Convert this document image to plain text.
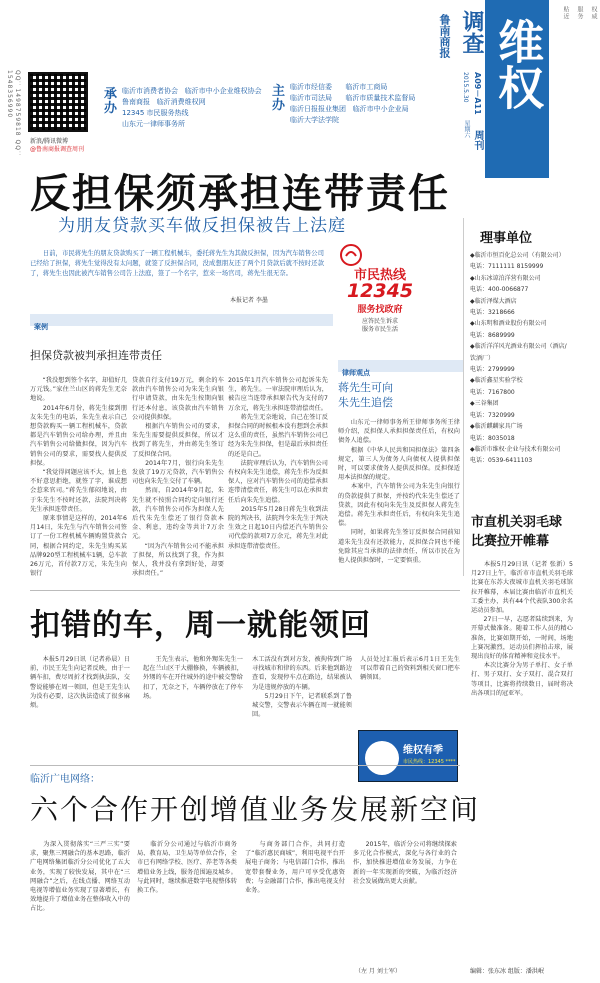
QQ：1498759818 QQ：1548356990
新浪/腾讯微博
@鲁南商报调查周刊
承办
临沂市消费者协会 临沂市中小企业维权协会
鲁南商报 临沂消费维权网
12345 市民服务热线
山东元一律师事务所
主办
临沂市经信委 临沂市工商局
临沂市司法局 临沂市质量技术监督局
临沂日报报业集团 临沂市中小企业局
临沂大学法学院
调查
鲁南商报
A09－A11
2015.5.30
星期六
周刊
维权
权威
服务
贴近
反担保须承担连带责任
为朋友贷款买车做反担保被告上法庭
　　日前，市民蒋先生的朋友贷款购买了一辆工程机械车，委托蒋先生为其做反担保，因为汽车销售公司已经给了担保，蒋先生觉得没有太问题，就签了反担保合同，没成想朋友还了两个月贷款后就不按时还款了，蒋先生也因此被汽车销售公司告上法庭，签了一个名字，惹来一场官司，蒋先生很无奈。
本报记者 李墨
案例
担保贷款被判承担连带责任
　　“我没想到签个名字，却值好几万元钱。”家住兰山区的蒋先生无奈地说。
　　2014年6月份，蒋先生接到朋友朱先生的电话，朱先生表示自己想贷款购买一辆工程机械车，贷款都是汽车销售公司给办理，并且由汽车销售公司给做担保，因为汽车销售公司的要求，需要找人提供反担保。
　　“我觉得问题应该不大，加上也不好意思拒绝，就签了字，谁成想会惹来官司。”蒋先生郁闷地说，由于朱先生不按时还款，法院判决蒋先生承担连带责任。
　　原来事情是这样的，2014年6月14日，朱先生与汽车销售公司签订了一份工程机械车辆购置贷款合同，根据合同约定，朱先生购买某品牌920型工程机械车1辆，总车款26万元，首付款7万元，朱先生向银行
贷款自行支付19万元，剩余的车款由汽车销售公司为朱先生向银行申请贷款，由朱先生按期向银行还本付息，该贷款由汽车销售公司提供担保。
　　根据汽车销售公司的要求，朱先生需要提供反担保，所以才找到了蒋先生，并由蒋先生签订了反担保合同。
　　2014年7月，银行向朱先生发放了19万元贷款，汽车销售公司也向朱先生交付了车辆。
　　然而，自2014年9月起，朱先生就不按照合同约定向银行还款，汽车销售公司作为担保人先后代朱先生偿还了银行贷款本金、利息，违约金等共计7万余元。
　　“因为汽车销售公司不能承担了担保，所以找到了我，作为担保人，我并没有拿到好处，却要承担责任。”
2015年1月汽车销售公司起诉朱先生，蒋先生。一审法院审理后认为，被告应当连带承担原告代为支付的7万余元，蒋先生承担连带清偿责任。
　　蒋先生无奈地说，自己在签订反担保合同的时候根本没有想到会承担这么重的责任，虽然汽车销售公司已经为朱先生担保，但是最后承担责任的还是自己。
　　法院审理后认为，汽车销售公司有权向朱先生追偿，蒋先生作为反担保人，应对汽车销售公司的追偿承担连带清偿责任，蒋先生可以在承担责任后向朱先生追偿。
　　2015年5月28日蒋先生收到法院的判决书，法院判令朱先生于判决生效之日起10日内偿还汽车销售公司代偿的款项7万余元，蒋先生对此承担连带清偿责任。
市民热线
12345
服务找政府
应答民生诉求
服务市民生活
律师观点
蒋先生可向
朱先生追偿
　　山东元一律师事务所王律师事务所王律师介绍，反担保人承担担保责任后，有权向债务人追偿。
　　根据《中华人民共和国担保法》第四条规定，第三人为债务人向债权人提供担保时，可以要求债务人提供反担保。反担保适用本法担保的规定。
　　本案中，汽车销售公司为朱先生向银行的贷款提供了担保，并按约代朱先生偿还了贷款，因此有权向朱先生及反担保人蒋先生追偿。蒋先生承担责任后，有权向朱先生追偿。
　　同时，如果蒋先生签订反担保合同前知道朱先生没有还款能力，反担保合同也不能免除其应当承担的法律责任，所以市民在为他人提供担保时，一定要慎重。
理事单位
◆临沂市恒百化总公司（有限公司）
电话：7111111 8159999
◆山东冰谅泊洋营有限公司
电话：400-0066877
◆临沂泽煤大酒店
电话：3218666
◆山东明和酒业股份有限公司
电话：8689999
◆临沂洋洋风光酒业有限公司（酒店/饮酒厂）
电话：2799999
◆临沂鑫星实验学校
电话：7167800
◆三谷集团
电话：7320999
◆临沂麒麟家具广场
电话：8035018
◆临沂市维权·企业与技术有限公司
电话：0539-6411103
市直机关羽毛球
比赛拉开帷幕
　　本报5月29日讯（记者 张新）5月27日上午，临沂市市直机关羽毛球比赛在东苏大夜城市直机关羽毛球馆拉开帷幕，本届比赛由临沂市直机关工委主办，共有44个代表队300余名运动员参加。
　　27日一早，志愿者陆续到来，为开幕式做准备。随着工作人员的精心准备，比赛如期开始，一时间，场地上赛况激烈，运动员们挥拍击球，展现出良好的体育精神和竞技水平。
　　本次比赛分为男子单打、女子单打、男子双打、女子双打、混合双打等项目，比赛将持续数日，届时将决出各项目的冠亚军。
编辑：张东冰 组版：潘洪岷
扣错的车，周一就能领回
　　本报5月29日讯（记者孙晨）日前，市民王先生向记者反映，由于一辆车扣，费尽周折才找到执法队，交警说能够在周一领回，但是王先生认为没有必要，这次执法造成了很多麻烦。
　　王先生表示，他和外甥朱先生一起在兰山区干大棚修换，车辆被扣，外甥的车在开往城外的途中被交警给扣了，无奈之下，车辆停放在了停车场。
木工活没有到对方发，被拘传到广场寻找城市和律的东西。后来他到路边查看，发现停车点在路边，结果被认为是违规停放的车辆。
　　5月29日下午，记者联系到了鲁城交警，交警表示车辆在周一就能领回。
人员处过汇报后表示6月1日王先生可以带着自己的资料到相关窗口把车辆领回。
维权有季
市民热线：12345 ****
临沂广电网络：
六个合作开创增值业务发展新空间
　　为深入贯彻落实“三严三实”要求，聚焦三网融合的基本思路，临沂广电网络集团临沂分公司优化了五大业务，实现了较快发展，其中在“三网融合”之后，在线点播、网络互动电视等增值业务实现了显著增长，有效地提升了增值业务在整体收入中的占比。
　　临沂分公司通过与临沂市商务局、教育局、卫生局等单位合作，全市已有网络学校、医疗、养老等各类增值业务上线，服务范围遍及城乡。与此同时，继续推进数字电视整体转换工作。
　　与商务部门合作，共同打造了“临沂惠民商城”，利用电视平台开展电子商务；与电信部门合作，推出宽带套餐业务，用户可享受优惠资费；与金融部门合作，推出电视支付业务。
　　2015年，临沂分公司将继续探索多元化合作模式，深化与各行业的合作，加快推进增值业务发展，力争在新的一年实现新的突破，为临沂经济社会发展做出更大贡献。
（左 月 刘士军）
